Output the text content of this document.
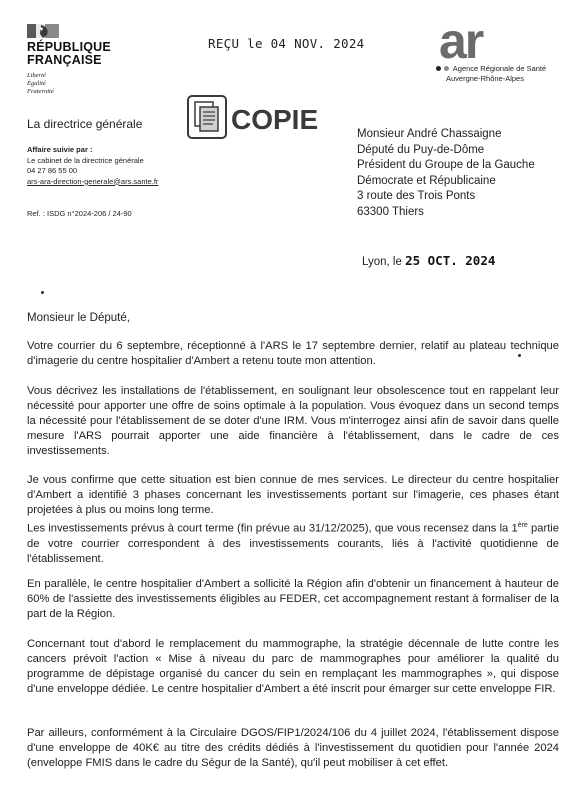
RÉPUBLIQUE
FRANÇAISE
Liberté
Égalité
Fraternité
REÇU le 04 NOV. 2024 ar
Agence Régionale de Santé
Auvergne-Rhône-Alpes
COPIE
La directrice générale
Affaire suivie par :
Le cabinet de la directrice générale
04 27 86 55 00
ars-ara-direction-generale@ars.sante.fr
Ref. : ISDG n°2024-206 / 24-90
Monsieur André Chassaigne
Député du Puy-de-Dôme
Président du Groupe de la Gauche
Démocrate et Républicaine
3 route des Trois Ponts
63300 Thiers
Lyon, le 25 OCT. 2024
Monsieur le Député,

Votre courrier du 6 septembre, réceptionné à l'ARS le 17 septembre dernier, relatif au plateau technique d'imagerie du centre hospitalier d'Ambert a retenu toute mon attention.

Vous décrivez les installations de l'établissement, en soulignant leur obsolescence tout en rappelant leur nécessité pour apporter une offre de soins optimale à la population. Vous évoquez dans un second temps la nécessité pour l'établissement de se doter d'une IRM. Vous m'interrogez ainsi afin de savoir dans quelle mesure l'ARS pourrait apporter une aide financière à l'établissement, dans le cadre de ces investissements.

Je vous confirme que cette situation est bien connue de mes services. Le directeur du centre hospitalier d'Ambert a identifié 3 phases concernant les investissements portant sur l'imagerie, ces phases étant projetées à plus ou moins long terme.

Les investissements prévus à court terme (fin prévue au 31/12/2025), que vous recensez dans la 1ère partie de votre courrier correspondent à des investissements courants, liés à l'activité quotidienne de l'établissement.

En parallèle, le centre hospitalier d'Ambert a sollicité la Région afin d'obtenir un financement à hauteur de 60% de l'assiette des investissements éligibles au FEDER, cet accompagnement restant à formaliser de la part de la Région.

Concernant tout d'abord le remplacement du mammographe, la stratégie décennale de lutte contre les cancers prévoit l'action « Mise à niveau du parc de mammographes pour améliorer la qualité du programme de dépistage organisé du cancer du sein en remplaçant les mammographes », qui dispose d'une enveloppe dédiée. Le centre hospitalier d'Ambert a été inscrit pour émarger sur cette enveloppe FIR.

Par ailleurs, conformément à la Circulaire DGOS/FIP1/2024/106 du 4 juillet 2024, l'établissement dispose d'une enveloppe de 40K€ au titre des crédits dédiés à l'investissement du quotidien pour l'année 2024 (enveloppe FMIS dans le cadre du Ségur de la Santé), qu'il peut mobiliser à cet effet.
